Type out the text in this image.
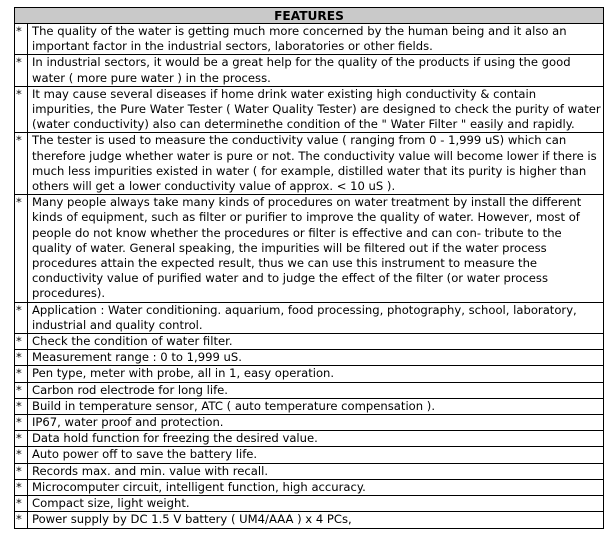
FEATURES	
*	The quality of the water is getting much more concerned by the human being and it also an important factor in the industrial sectors, laboratories or other fields.
*	In industrial sectors, it would be a great help for the quality of the products if using the good water ( more pure water ) in the process.
*	It may cause several diseases if home drink water existing high conductivity & contain impurities, the Pure Water Tester ( Water Quality Tester) are designed to check the purity of water (water conductivity) also can determinethe condition of the " Water Filter " easily and rapidly.
*	The tester is used to measure the conductivity value ( ranging from 0 - 1,999 uS) which can therefore judge whether water is pure or not. The conductivity value will become lower if there is much less impurities existed in water ( for example, distilled water that its purity is higher than others will get a lower conductivity value of approx. < 10 uS ).
*	Many people always take many kinds of procedures on water treatment by install the different kinds of equipment, such as filter or purifier to improve the quality of water. However, most of people do not know whether the procedures or filter is effective and can con- tribute to the quality of water. General speaking, the impurities will be filtered out if the water process procedures attain the expected result, thus we can use this instrument to measure the conductivity value of purified water and to judge the effect of the filter (or water process procedures).
*	Application : Water conditioning. aquarium, food processing, photography, school, laboratory, industrial and quality control.
*	Check the condition of water filter.
*	Measurement range : 0 to 1,999 uS.
*	Pen type, meter with probe, all in 1, easy operation.
*	Carbon rod electrode for long life.
*	Build in temperature sensor, ATC ( auto temperature compensation ).
*	IP67, water proof and protection.
*	Data hold function for freezing the desired value.
*	Auto power off to save the battery life.
*	Records max. and min. value with recall.
*	Microcomputer circuit, intelligent function, high accuracy.
*	Compact size, light weight.
*	Power supply by DC 1.5 V battery ( UM4/AAA ) x 4 PCs,
